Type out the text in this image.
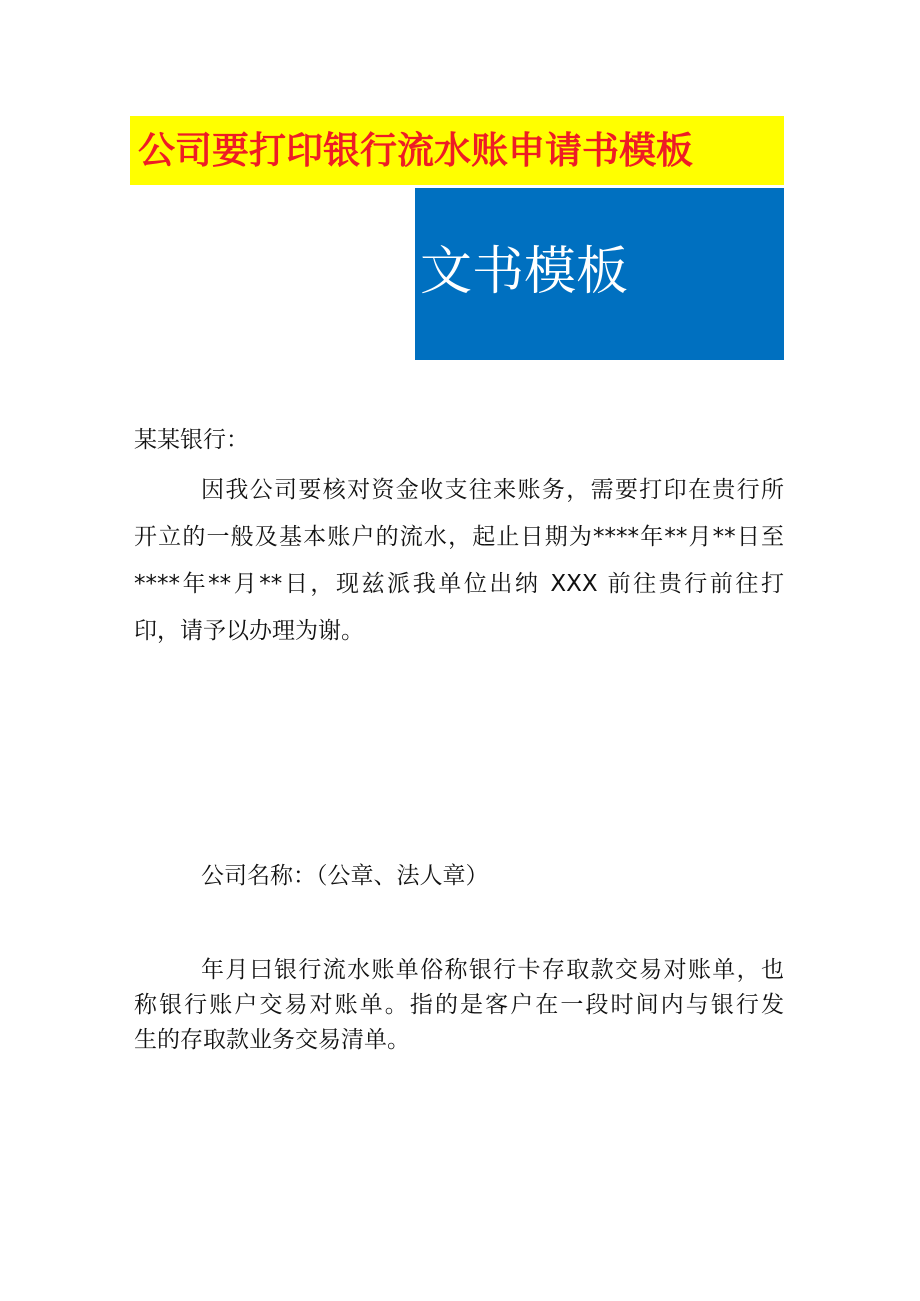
公司要打印银行流水账申请书模板
文书模板
某某银行：
因我公司要核对资金收支往来账务，需要打印在贵行所
开立的一般及基本账户的流水，起止日期为****年**月**日至
****年**月**日，现兹派我单位出纳 XXX 前往贵行前往打
印，请予以办理为谢。
公司名称：（公章、法人章）
年月曰银行流水账单俗称银行卡存取款交易对账单，也
称银行账户交易对账单。指的是客户在一段时间内与银行发
生的存取款业务交易清单。
